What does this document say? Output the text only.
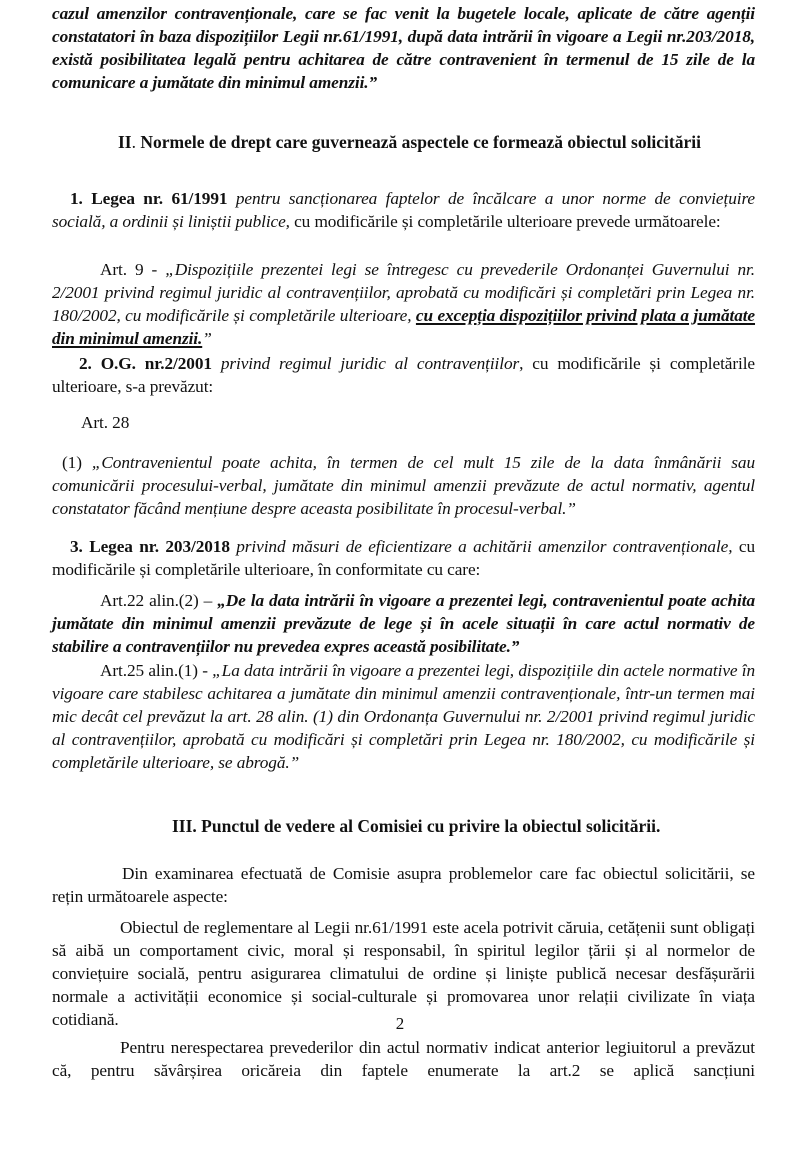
cazul amenzilor contravenționale, care se fac venit la bugetele locale, aplicate de către agenții constatatori în baza dispozițiilor Legii nr.61/1991, după data intrării în vigoare a Legii nr.203/2018, există posibilitatea legală pentru achitarea de către contravenient în termenul de 15 zile de la comunicare a jumătate din minimul amenzii.”

II. Normele de drept care guvernează aspectele ce formează obiectul solicitării

1. Legea nr. 61/1991 pentru sancționarea faptelor de încălcare a unor norme de conviețuire socială, a ordinii și liniștii publice, cu modificările și completările ulterioare prevede următoarele:

Art. 9 - „Dispozițiile prezentei legi se întregesc cu prevederile Ordonanței Guvernului nr. 2/2001 privind regimul juridic al contravențiilor, aprobată cu modificări și completări prin Legea nr. 180/2002, cu modificările și completările ulterioare, cu excepția dispozițiilor privind plata a jumătate din minimul amenzii.”

2. O.G. nr.2/2001 privind regimul juridic al contravențiilor, cu modificările și completările ulterioare, s-a prevăzut:

Art. 28

(1) „Contravenientul poate achita, în termen de cel mult 15 zile de la data înmânării sau comunicării procesului-verbal, jumătate din minimul amenzii prevăzute de actul normativ, agentul constatator făcând mențiune despre aceasta posibilitate în procesul-verbal.”

3. Legea nr. 203/2018 privind măsuri de eficientizare a achitării amenzilor contravenționale, cu modificările și completările ulterioare, în conformitate cu care:

Art.22 alin.(2) – „De la data intrării în vigoare a prezentei legi, contravenientul poate achita jumătate din minimul amenzii prevăzute de lege și în acele situații în care actul normativ de stabilire a contravențiilor nu prevedea expres această posibilitate.”

Art.25 alin.(1) - „La data intrării în vigoare a prezentei legi, dispozițiile din actele normative în vigoare care stabilesc achitarea a jumătate din minimul amenzii contravenționale, într-un termen mai mic decât cel prevăzut la art. 28 alin. (1) din Ordonanța Guvernului nr. 2/2001 privind regimul juridic al contravențiilor, aprobată cu modificări și completări prin Legea nr. 180/2002, cu modificările și completările ulterioare, se abrogă.”

III. Punctul de vedere al Comisiei cu privire la obiectul solicitării.

Din examinarea efectuată de Comisie asupra problemelor care fac obiectul solicitării, se rețin următoarele aspecte:

Obiectul de reglementare al Legii nr.61/1991 este acela potrivit căruia, cetățenii sunt obligați să aibă un comportament civic, moral și responsabil, în spiritul legilor țării și al normelor de conviețuire socială, pentru asigurarea climatului de ordine și liniște publică necesar desfășurării normale a activității economice și social-culturale și promovarea unor relații civilizate în viața cotidiană.

Pentru nerespectarea prevederilor din actul normativ indicat anterior legiuitorul a prevăzut că, pentru săvârșirea oricăreia din faptele enumerate la art.2 se aplică sancțiuni

2
